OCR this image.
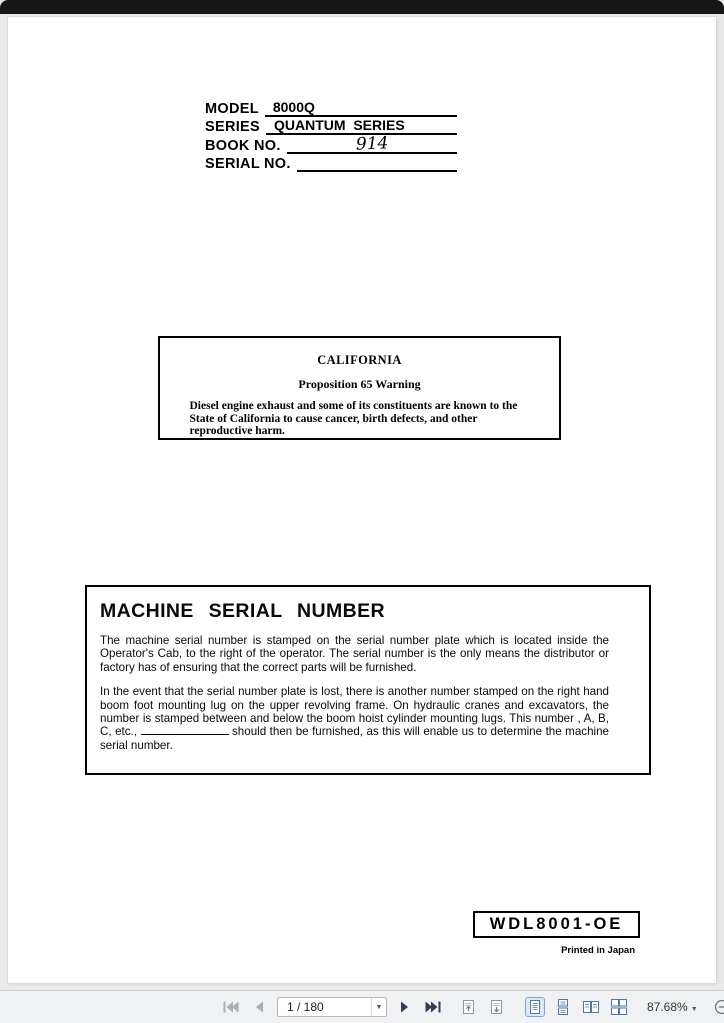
MODEL	8000Q
SERIES	QUANTUM  SERIES
BOOK NO.	914
SERIAL NO.
CALIFORNIA
Proposition 65 Warning
Diesel engine exhaust and some of its constituents are known to the State of California to cause cancer, birth defects, and other reproductive harm.
MACHINE SERIAL NUMBER

The machine serial number is stamped on the serial number plate which is located inside the Operator's Cab, to the right of the operator. The serial number is the only means the distributor or factory has of ensuring that the correct parts will be furnished.

In the event that the serial number plate is lost, there is another number stamped on the right hand boom foot mounting lug on the upper revolving frame. On hydraulic cranes and excavators, the number is stamped between and below the boom hoist cylinder mounting lugs. This number , A, B, C, etc.,	should then be furnished, as this will enable us to determine the machine serial number.

WDL8001-OE
Printed in Japan
1 / 180	▼	87.68% ▼
